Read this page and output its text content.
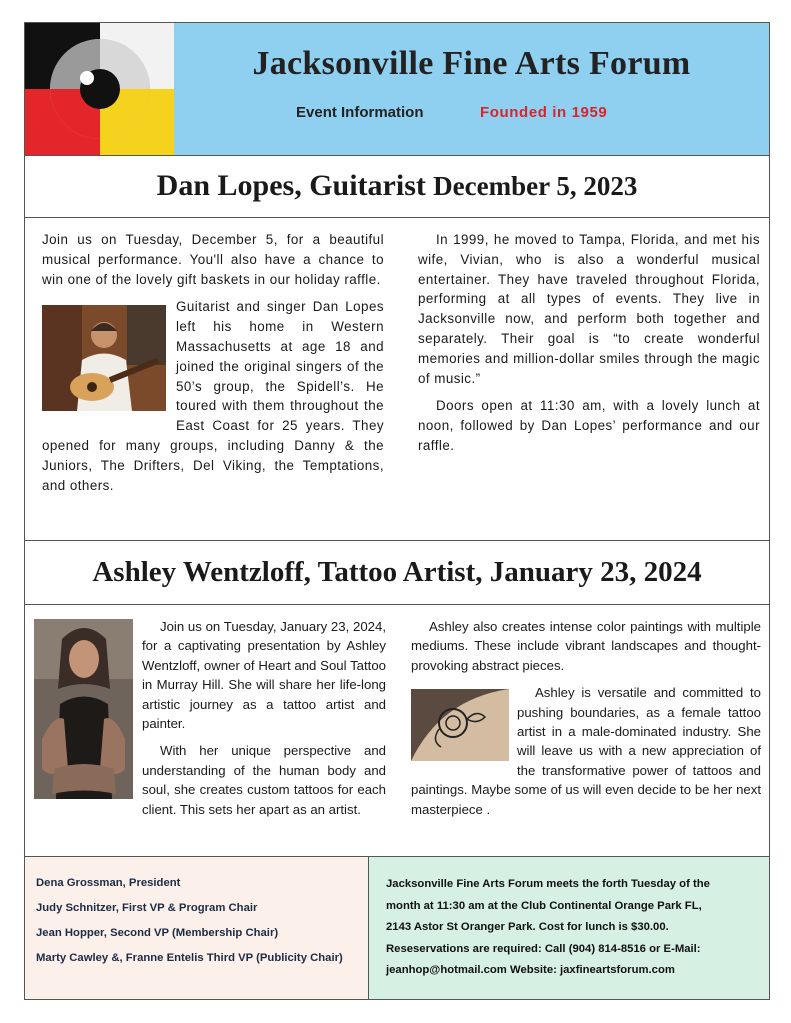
Jacksonville Fine Arts Forum
Event Information	Founded in 1959
Dan Lopes, Guitarist December 5, 2023

Join us on Tuesday, December 5, for a beautiful musical performance. You'll also have a chance to win one of the lovely gift baskets in our holiday raffle.

Guitarist and singer Dan Lopes left his home in Western Massachusetts at age 18 and joined the original singers of the 50’s group, the Spidell’s. He toured with them throughout the East Coast for 25 years. They opened for many groups, including Danny & the Juniors, The Drifters, Del Viking, the Temptations, and others.

In 1999, he moved to Tampa, Florida, and met his wife, Vivian, who is also a wonderful musical entertainer. They have traveled throughout Florida, performing at all types of events. They live in Jacksonville now, and perform both together and separately. Their goal is “to create wonderful memories and million-dollar smiles through the magic of music.”

Doors open at 11:30 am, with a lovely lunch at noon, followed by Dan Lopes’ performance and our raffle.

Ashley Wentzloff, Tattoo Artist, January 23, 2024

Join us on Tuesday, January 23, 2024, for a captivating presentation by Ashley Wentzloff, owner of Heart and Soul Tattoo in Murray Hill. She will share her life-long artistic journey as a tattoo artist and painter.

With her unique perspective and understanding of the human body and soul, she creates custom tattoos for each client. This sets her apart as an artist.

Ashley also creates intense color paintings with multiple mediums. These include vibrant landscapes and thought-provoking abstract pieces.

Ashley is versatile and committed to pushing boundaries, as a female tattoo artist in a male-dominated industry. She will leave us with a new appreciation of the transformative power of tattoos and paintings. Maybe some of us will even decide to be her next masterpiece .

Dena Grossman, President
Judy Schnitzer, First VP & Program Chair
Jean Hopper, Second VP (Membership Chair)
Marty Cawley &, Franne Entelis Third VP (Publicity Chair)
Jacksonville Fine Arts Forum meets the forth Tuesday of the
month at 11:30 am at the Club Continental Orange Park FL,
2143 Astor St Oranger Park. Cost for lunch is $30.00.
Reseservations are required: Call (904) 814-8516 or E-Mail:
jeanhop@hotmail.com Website: jaxfineartsforum.com
